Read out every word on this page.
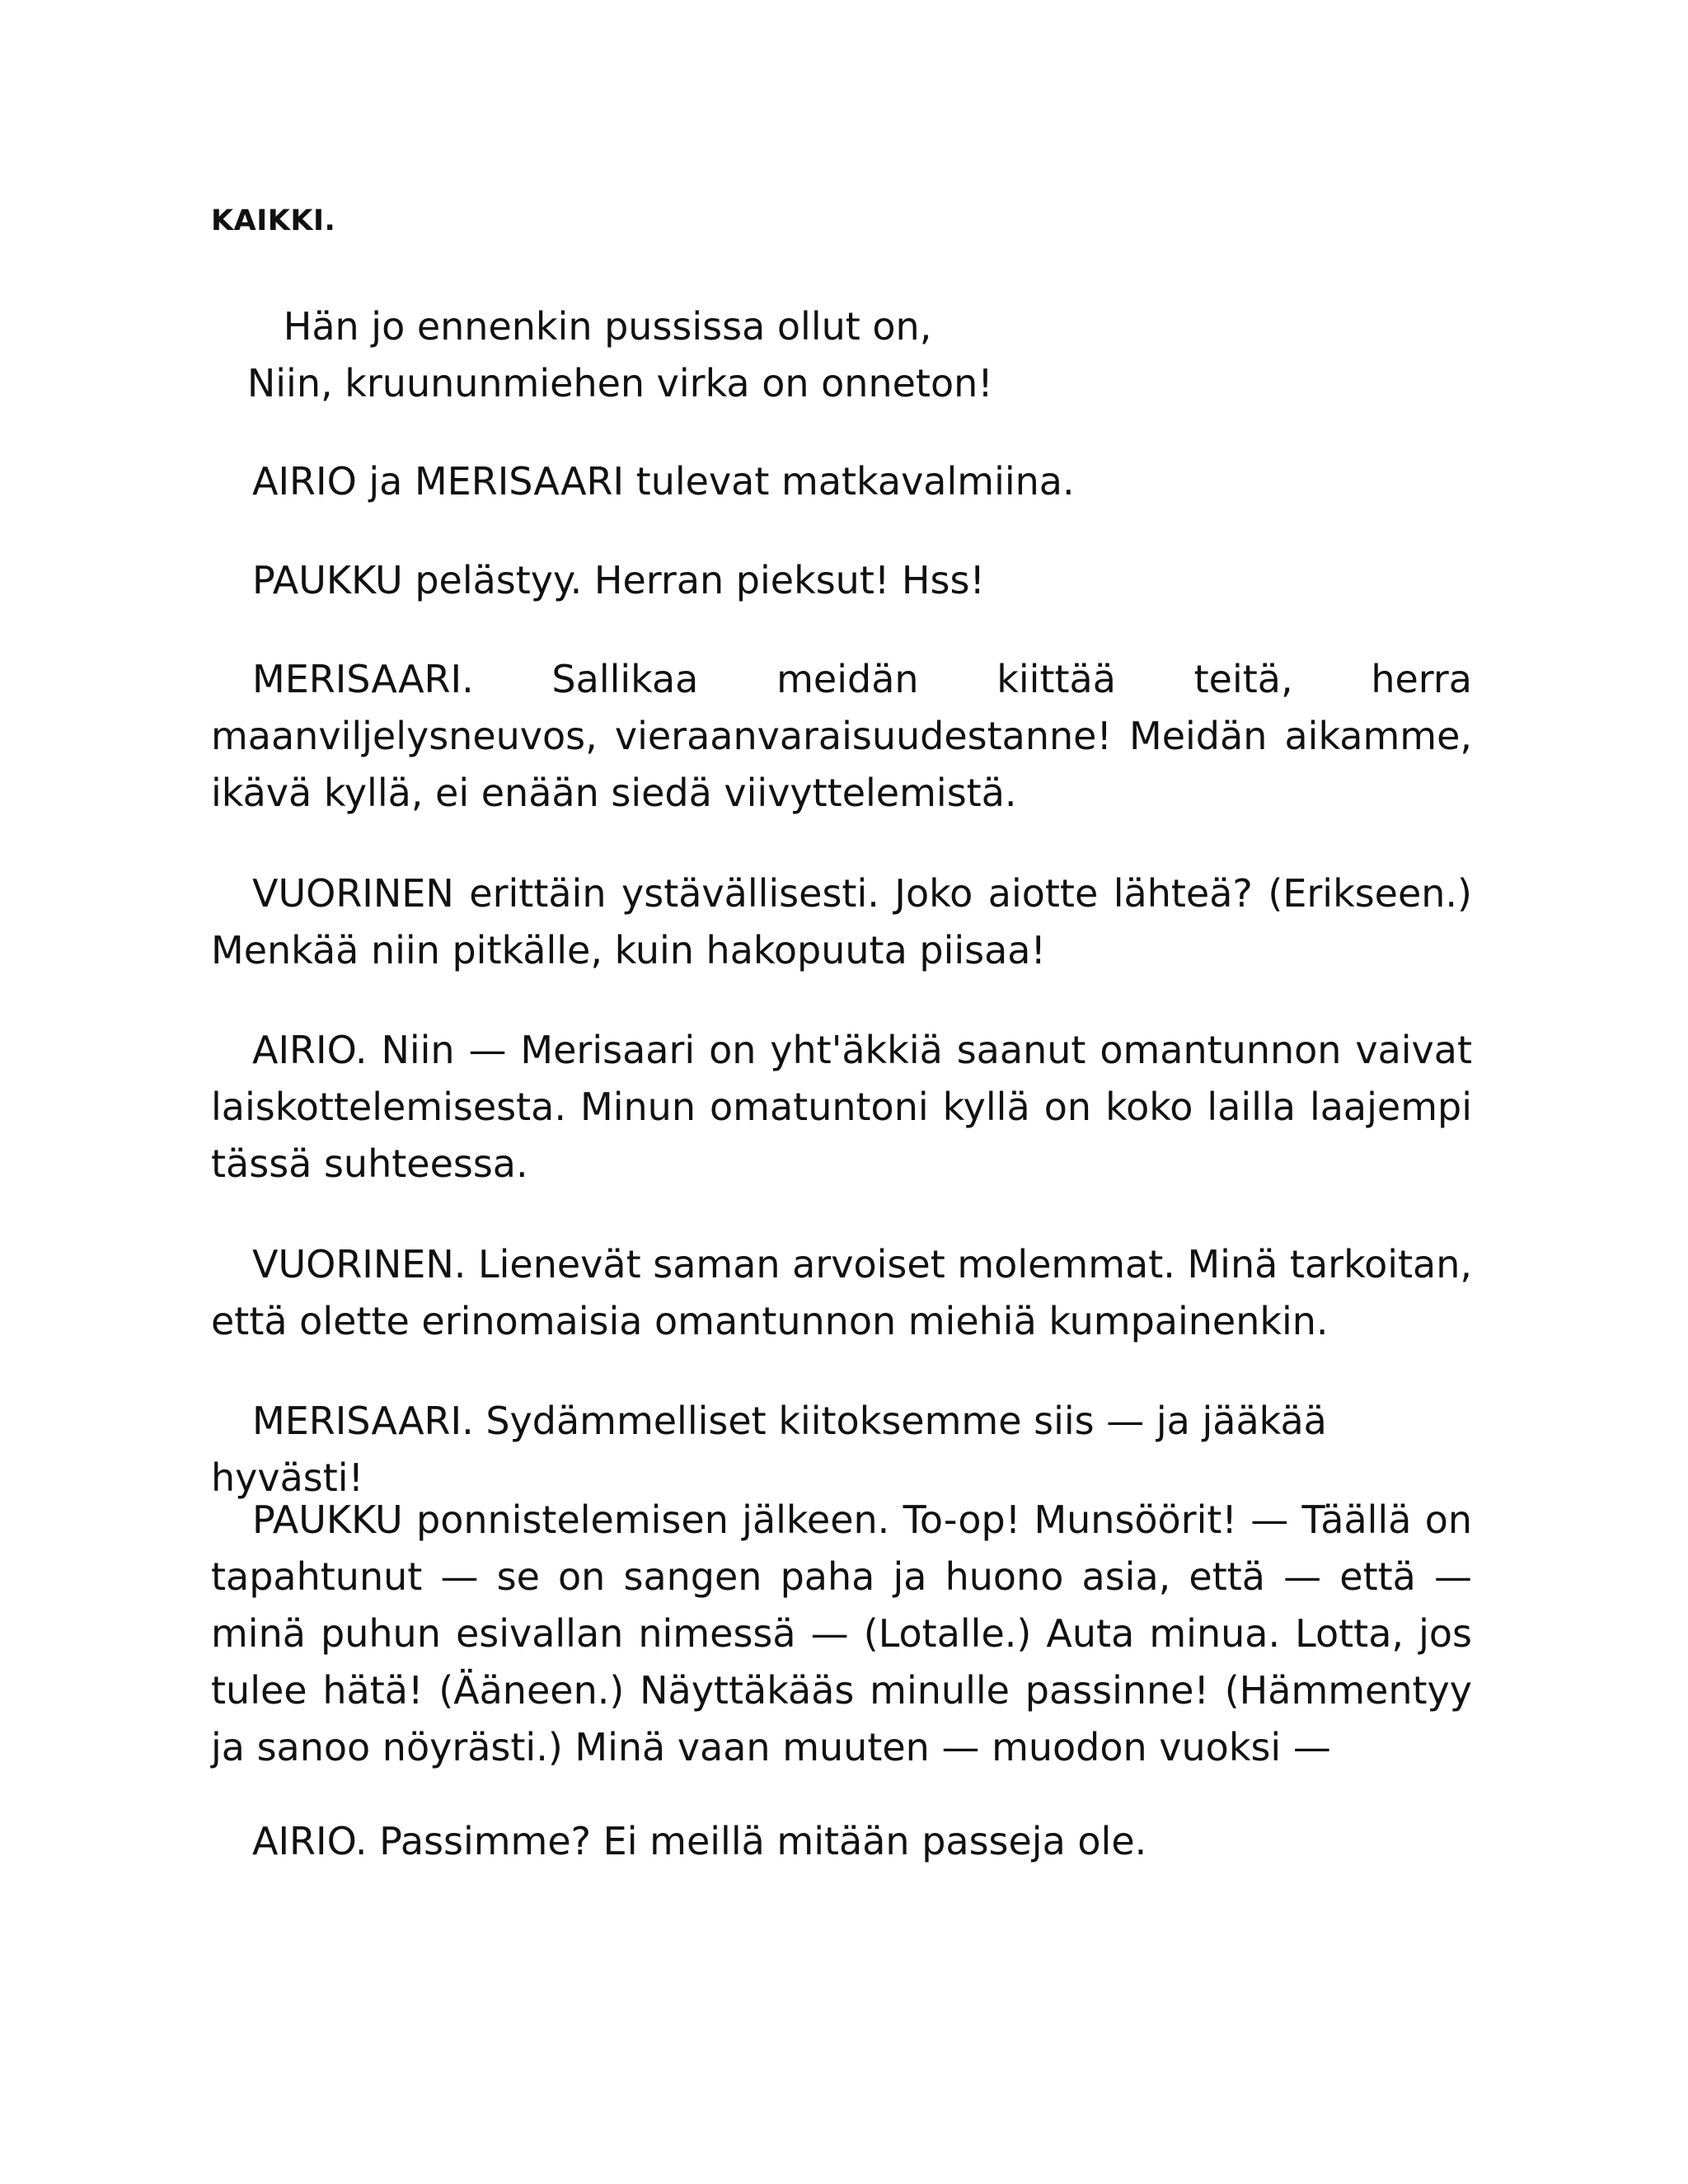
KAIKKI.
Hän jo ennenkin pussissa ollut on,
Niin, kruununmiehen virka on onneton!

AIRIO ja MERISAARI tulevat matkavalmiina.

PAUKKU pelästyy. Herran pieksut! Hss!

MERISAARI. Sallikaa meidän kiittää teitä, herra maanviljelysneuvos, vieraanvaraisuudestanne! Meidän aikamme, ikävä kyllä, ei enään siedä viivyttelemistä.

VUORINEN erittäin ystävällisesti. Joko aiotte lähteä? (Erikseen.) Menkää niin pitkälle, kuin hakopuuta piisaa!

AIRIO. Niin — Merisaari on yht'äkkiä saanut omantunnon vaivat laiskottelemisesta. Minun omatuntoni kyllä on koko lailla laajempi tässä suhteessa.

VUORINEN. Lienevät saman arvoiset molemmat. Minä tarkoitan, että olette erinomaisia omantunnon miehiä kumpainenkin.

MERISAARI. Sydämmelliset kiitoksemme siis — ja jääkää hyvästi!

PAUKKU ponnistelemisen jälkeen. To-op! Munsöörit! — Täällä on tapahtunut — se on sangen paha ja huono asia, että — että — minä puhun esivallan nimessä — (Lotalle.) Auta minua. Lotta, jos tulee hätä! (Ääneen.) Näyttäkääs minulle passinne! (Hämmentyy ja sanoo nöyrästi.) Minä vaan muuten — muodon vuoksi —

AIRIO. Passimme? Ei meillä mitään passeja ole.
